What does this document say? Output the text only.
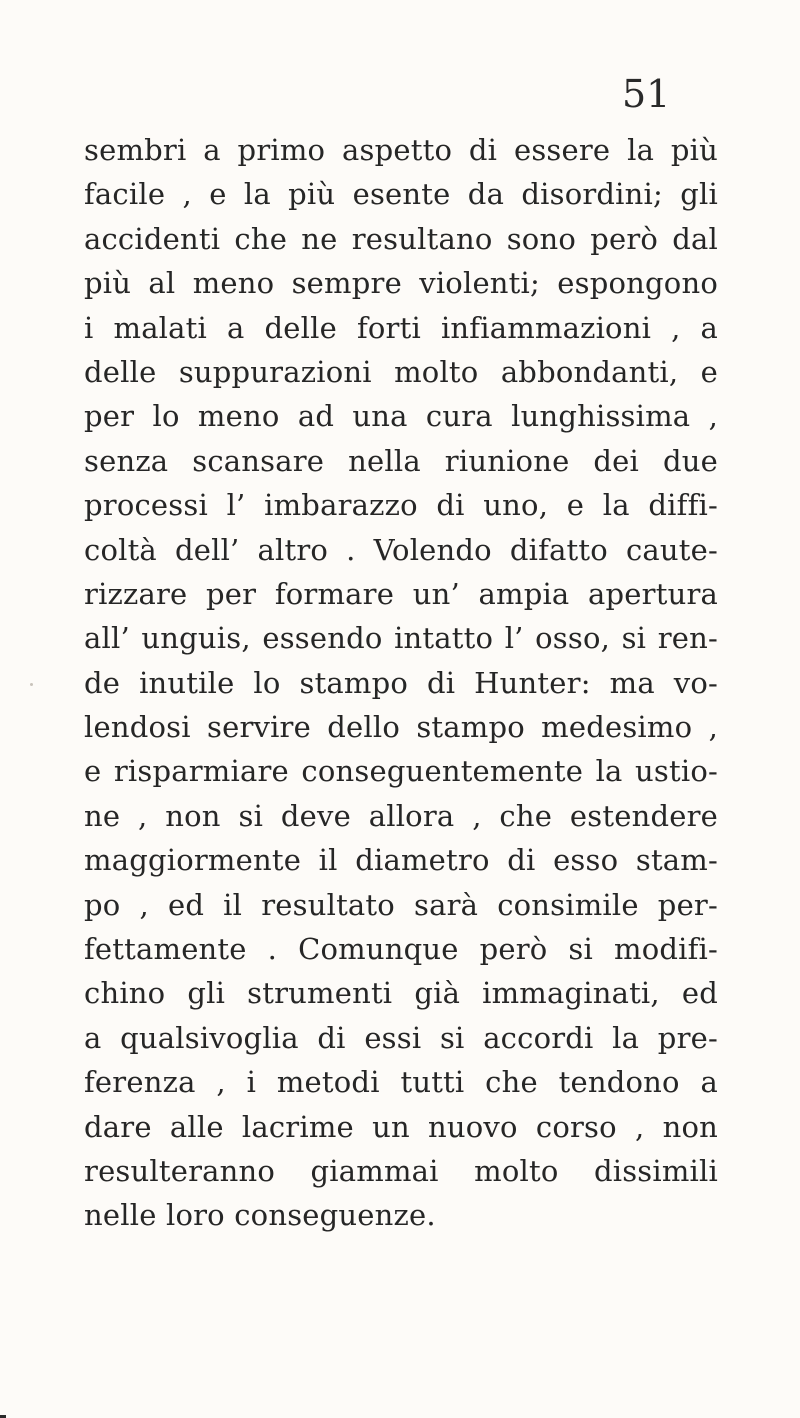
51
sembri a primo aspetto di essere la più
facile , e la più esente da disordini; gli
accidenti che ne resultano sono però dal
più al meno sempre violenti; espongono
i malati a delle forti infiammazioni , a
delle suppurazioni molto abbondanti, e
per lo meno ad una cura lunghissima ,
senza scansare nella riunione dei due
processi l’ imbarazzo di uno, e la diffi-
coltà dell’ altro . Volendo difatto caute-
rizzare per formare un’ ampia apertura
all’ unguis, essendo intatto l’ osso, si ren-
de inutile lo stampo di Hunter: ma vo-
lendosi servire dello stampo medesimo ,
e risparmiare conseguentemente la ustio-
ne , non si deve allora , che estendere
maggiormente il diametro di esso stam-
po , ed il resultato sarà consimile per-
fettamente . Comunque però si modifi-
chino gli strumenti già immaginati, ed
a qualsivoglia di essi si accordi la pre-
ferenza , i metodi tutti che tendono a
dare alle lacrime un nuovo corso , non
resulteranno giammai molto dissimili
nelle loro conseguenze.
